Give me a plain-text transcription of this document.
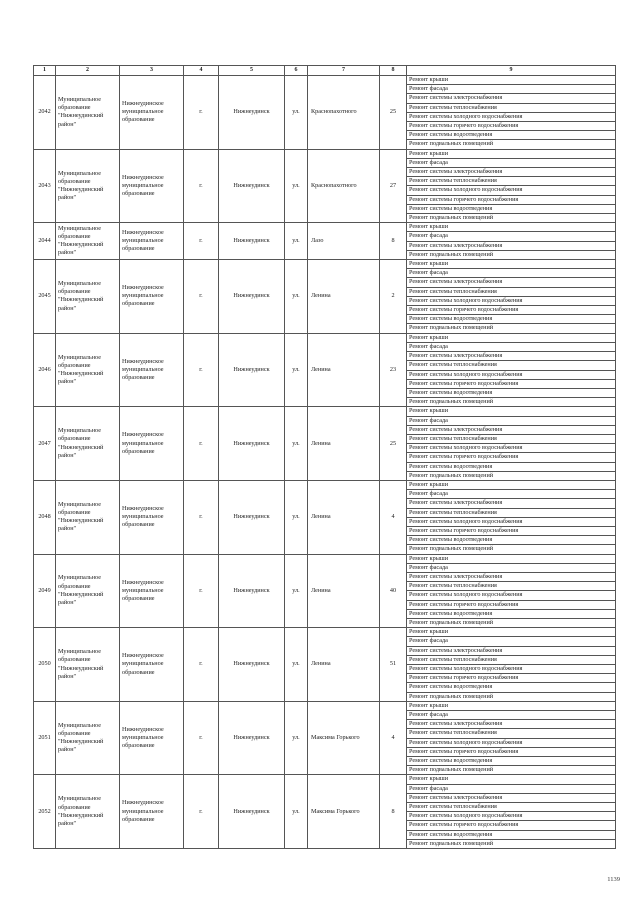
1	2	3	4	5	6	7	8	9
2042	Муниципальное образование "Нижнеудинский район"	Нижнеудинское муниципальное образование	г.	Нижнеудинск	ул.	Краснопахотного	25	Ремонт крыши
								Ремонт фасада
								Ремонт системы электроснабжения
								Ремонт системы теплоснабжения
								Ремонт системы холодного водоснабжения
								Ремонт системы горячего водоснабжения
								Ремонт системы водоотведения
								Ремонт подвальных помещений
2043	Муниципальное образование "Нижнеудинский район"	Нижнеудинское муниципальное образование	г.	Нижнеудинск	ул.	Краснопахотного	27	Ремонт крыши
								Ремонт фасада
								Ремонт системы электроснабжения
								Ремонт системы теплоснабжения
								Ремонт системы холодного водоснабжения
								Ремонт системы горячего водоснабжения
								Ремонт системы водоотведения
								Ремонт подвальных помещений
2044	Муниципальное образование "Нижнеудинский район"	Нижнеудинское муниципальное образование	г.	Нижнеудинск	ул.	Лазо	8	Ремонт крыши
								Ремонт фасада
								Ремонт системы электроснабжения
								Ремонт подвальных помещений
2045	Муниципальное образование "Нижнеудинский район"	Нижнеудинское муниципальное образование	г.	Нижнеудинск	ул.	Ленина	2	Ремонт крыши
								Ремонт фасада
								Ремонт системы электроснабжения
								Ремонт системы теплоснабжения
								Ремонт системы холодного водоснабжения
								Ремонт системы горячего водоснабжения
								Ремонт системы водоотведения
								Ремонт подвальных помещений
2046	Муниципальное образование "Нижнеудинский район"	Нижнеудинское муниципальное образование	г.	Нижнеудинск	ул.	Ленина	23	Ремонт крыши
								Ремонт фасада
								Ремонт системы электроснабжения
								Ремонт системы теплоснабжения
								Ремонт системы холодного водоснабжения
								Ремонт системы горячего водоснабжения
								Ремонт системы водоотведения
								Ремонт подвальных помещений
2047	Муниципальное образование "Нижнеудинский район"	Нижнеудинское муниципальное образование	г.	Нижнеудинск	ул.	Ленина	25	Ремонт крыши
								Ремонт фасада
								Ремонт системы электроснабжения
								Ремонт системы теплоснабжения
								Ремонт системы холодного водоснабжения
								Ремонт системы горячего водоснабжения
								Ремонт системы водоотведения
								Ремонт подвальных помещений
2048	Муниципальное образование "Нижнеудинский район"	Нижнеудинское муниципальное образование	г.	Нижнеудинск	ул.	Ленина	4	Ремонт крыши
								Ремонт фасада
								Ремонт системы электроснабжения
								Ремонт системы теплоснабжения
								Ремонт системы холодного водоснабжения
								Ремонт системы горячего водоснабжения
								Ремонт системы водоотведения
								Ремонт подвальных помещений
2049	Муниципальное образование "Нижнеудинский район"	Нижнеудинское муниципальное образование	г.	Нижнеудинск	ул.	Ленина	40	Ремонт крыши
								Ремонт фасада
								Ремонт системы электроснабжения
								Ремонт системы теплоснабжения
								Ремонт системы холодного водоснабжения
								Ремонт системы горячего водоснабжения
								Ремонт системы водоотведения
								Ремонт подвальных помещений
2050	Муниципальное образование "Нижнеудинский район"	Нижнеудинское муниципальное образование	г.	Нижнеудинск	ул.	Ленина	51	Ремонт крыши
								Ремонт фасада
								Ремонт системы электроснабжения
								Ремонт системы теплоснабжения
								Ремонт системы холодного водоснабжения
								Ремонт системы горячего водоснабжения
								Ремонт системы водоотведения
								Ремонт подвальных помещений
2051	Муниципальное образование "Нижнеудинский район"	Нижнеудинское муниципальное образование	г.	Нижнеудинск	ул.	Максима Горького	4	Ремонт крыши
								Ремонт фасада
								Ремонт системы электроснабжения
								Ремонт системы теплоснабжения
								Ремонт системы холодного водоснабжения
								Ремонт системы горячего водоснабжения
								Ремонт системы водоотведения
								Ремонт подвальных помещений
2052	Муниципальное образование "Нижнеудинский район"	Нижнеудинское муниципальное образование	г.	Нижнеудинск	ул.	Максима Горького	8	Ремонт крыши
								Ремонт фасада
								Ремонт системы электроснабжения
								Ремонт системы теплоснабжения
								Ремонт системы холодного водоснабжения
								Ремонт системы горячего водоснабжения
								Ремонт системы водоотведения
								Ремонт подвальных помещений
1139
